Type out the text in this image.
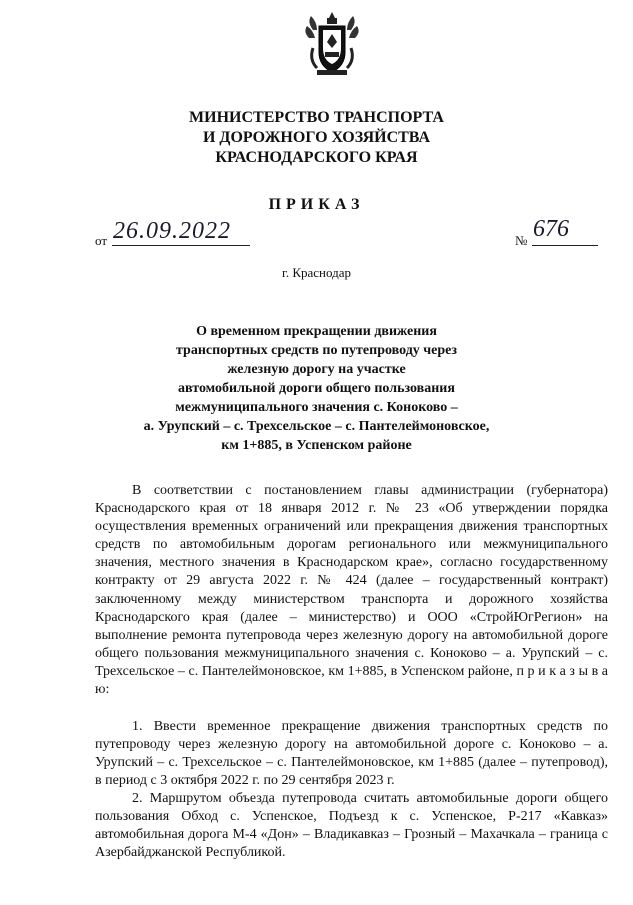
МИНИСТЕРСТВО ТРАНСПОРТА
И ДОРОЖНОГО ХОЗЯЙСТВА
КРАСНОДАРСКОГО КРАЯ
ПРИКАЗ
от 26.09.2022	№ 676
г. Краснодар
О временном прекращении движения
транспортных средств по путепроводу через
железную дорогу на участке
автомобильной дороги общего пользования
межмуниципального значения с. Коноково –
а. Урупский – с. Трехсельское – с. Пантелеймоновское,
км 1+885, в Успенском районе
В соответствии с постановлением главы администрации (губернатора) Краснодарского края от 18 января 2012 г. № 23 «Об утверждении порядка осуществления временных ограничений или прекращения движения транспортных средств по автомобильным дорогам регионального или межмуниципального значения, местного значения в Краснодарском крае», согласно государственному контракту от 29 августа 2022 г. № 424 (далее – государственный контракт) заключенному между министерством транспорта и дорожного хозяйства Краснодарского края (далее – министерство) и ООО «СтройЮгРегион» на выполнение ремонта путепровода через железную дорогу на автомобильной дороге общего пользования межмуниципального значения с. Коноково – а. Урупский – с. Трехсельское – с. Пантелеймоновское, км 1+885, в Успенском районе, п р и к а з ы в а ю:
1. Ввести временное прекращение движения транспортных средств по путепроводу через железную дорогу на автомобильной дороге с. Коноково – а. Урупский – с. Трехсельское – с. Пантелеймоновское, км 1+885 (далее – путепровод), в период с 3 октября 2022 г. по 29 сентября 2023 г.
2. Маршрутом объезда путепровода считать автомобильные дороги общего пользования Обход с. Успенское, Подъезд к с. Успенское, Р-217 «Кавказ» автомобильная дорога М-4 «Дон» – Владикавказ – Грозный – Махачкала – граница с Азербайджанской Республикой.
